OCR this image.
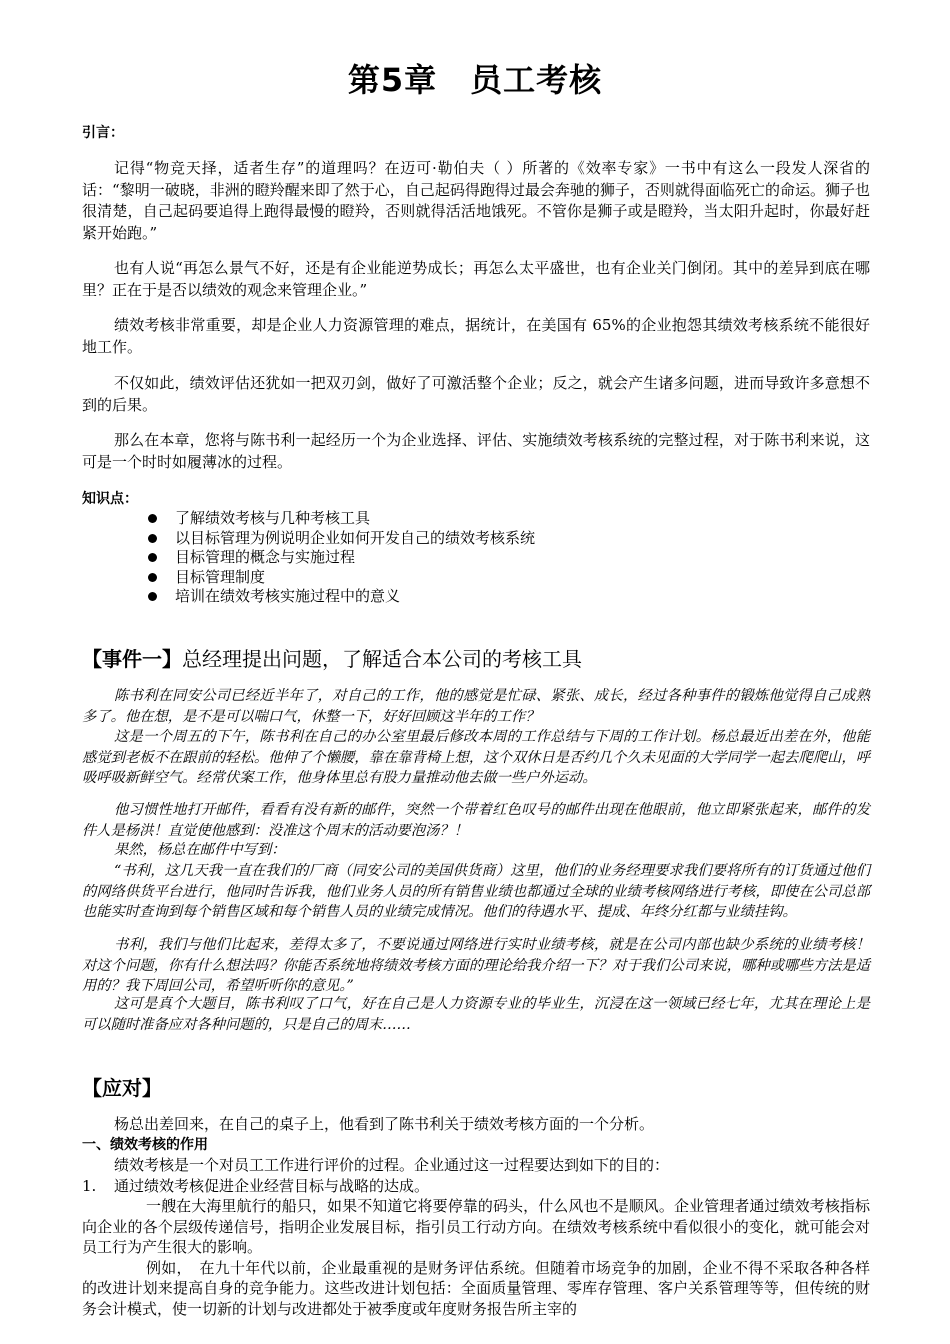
第5章　员工考核
引言：
记得“物竞天择，适者生存”的道理吗？在迈可·勒伯夫（ ）所著的《效率专家》一书中有这么一段发人深省的话：“黎明一破晓，非洲的瞪羚醒来即了然于心，自己起码得跑得过最会奔驰的狮子，否则就得面临死亡的命运。狮子也很清楚，自己起码要追得上跑得最慢的瞪羚，否则就得活活地饿死。不管你是狮子或是瞪羚，当太阳升起时，你最好赶紧开始跑。”
也有人说“再怎么景气不好，还是有企业能逆势成长；再怎么太平盛世，也有企业关门倒闭。其中的差异到底在哪里？正在于是否以绩效的观念来管理企业。”
绩效考核非常重要，却是企业人力资源管理的难点，据统计，在美国有 65%的企业抱怨其绩效考核系统不能很好地工作。
不仅如此，绩效评估还犹如一把双刃剑，做好了可激活整个企业；反之，就会产生诸多问题，进而导致许多意想不到的后果。
那么在本章，您将与陈书利一起经历一个为企业选择、评估、实施绩效考核系统的完整过程，对于陈书利来说，这可是一个时时如履薄冰的过程。
知识点：
了解绩效考核与几种考核工具
以目标管理为例说明企业如何开发自己的绩效考核系统
目标管理的概念与实施过程
目标管理制度
培训在绩效考核实施过程中的意义
【事件一】总经理提出问题，了解适合本公司的考核工具
陈书利在同安公司已经近半年了，对自己的工作，他的感觉是忙碌、紧张、成长，经过各种事件的锻炼他觉得自己成熟多了。他在想，是不是可以喘口气，休整一下，好好回顾这半年的工作？
这是一个周五的下午，陈书利在自己的办公室里最后修改本周的工作总结与下周的工作计划。杨总最近出差在外，他能感觉到老板不在跟前的轻松。他伸了个懒腰，靠在靠背椅上想，这个双休日是否约几个久未见面的大学同学一起去爬爬山，呼吸呼吸新鲜空气。经常伏案工作，他身体里总有股力量推动他去做一些户外运动。
他习惯性地打开邮件，看看有没有新的邮件，突然一个带着红色叹号的邮件出现在他眼前，他立即紧张起来，邮件的发件人是杨洪！直觉使他感到：没准这个周末的活动要泡汤？！
果然，杨总在邮件中写到：
“书利，这几天我一直在我们的厂商（同安公司的美国供货商）这里，他们的业务经理要求我们要将所有的订货通过他们的网络供货平台进行，他同时告诉我，他们业务人员的所有销售业绩也都通过全球的业绩考核网络进行考核，即使在公司总部也能实时查询到每个销售区域和每个销售人员的业绩完成情况。他们的待遇水平、提成、年终分红都与业绩挂钩。
书利，我们与他们比起来，差得太多了，不要说通过网络进行实时业绩考核，就是在公司内部也缺少系统的业绩考核！对这个问题，你有什么想法吗？你能否系统地将绩效考核方面的理论给我介绍一下？对于我们公司来说，哪种或哪些方法是适用的？我下周回公司，希望听听你的意见。”
这可是真个大题目，陈书利叹了口气，好在自己是人力资源专业的毕业生，沉浸在这一领域已经七年，尤其在理论上是可以随时准备应对各种问题的，只是自己的周末……
【应对】
杨总出差回来，在自己的桌子上，他看到了陈书利关于绩效考核方面的一个分析。
一、绩效考核的作用
绩效考核是一个对员工工作进行评价的过程。企业通过这一过程要达到如下的目的：
1.	通过绩效考核促进企业经营目标与战略的达成。
一艘在大海里航行的船只，如果不知道它将要停靠的码头，什么风也不是顺风。企业管理者通过绩效考核指标向企业的各个层级传递信号，指明企业发展目标，指引员工行动方向。在绩效考核系统中看似很小的变化，就可能会对员工行为产生很大的影响。
例如，　在九十年代以前，企业最重视的是财务评估系统。但随着市场竞争的加剧，企业不得不采取各种各样的改进计划来提高自身的竞争能力。这些改进计划包括：全面质量管理、零库存管理、客户关系管理等等，但传统的财务会计模式，使一切新的计划与改进都处于被季度或年度财务报告所主宰的
